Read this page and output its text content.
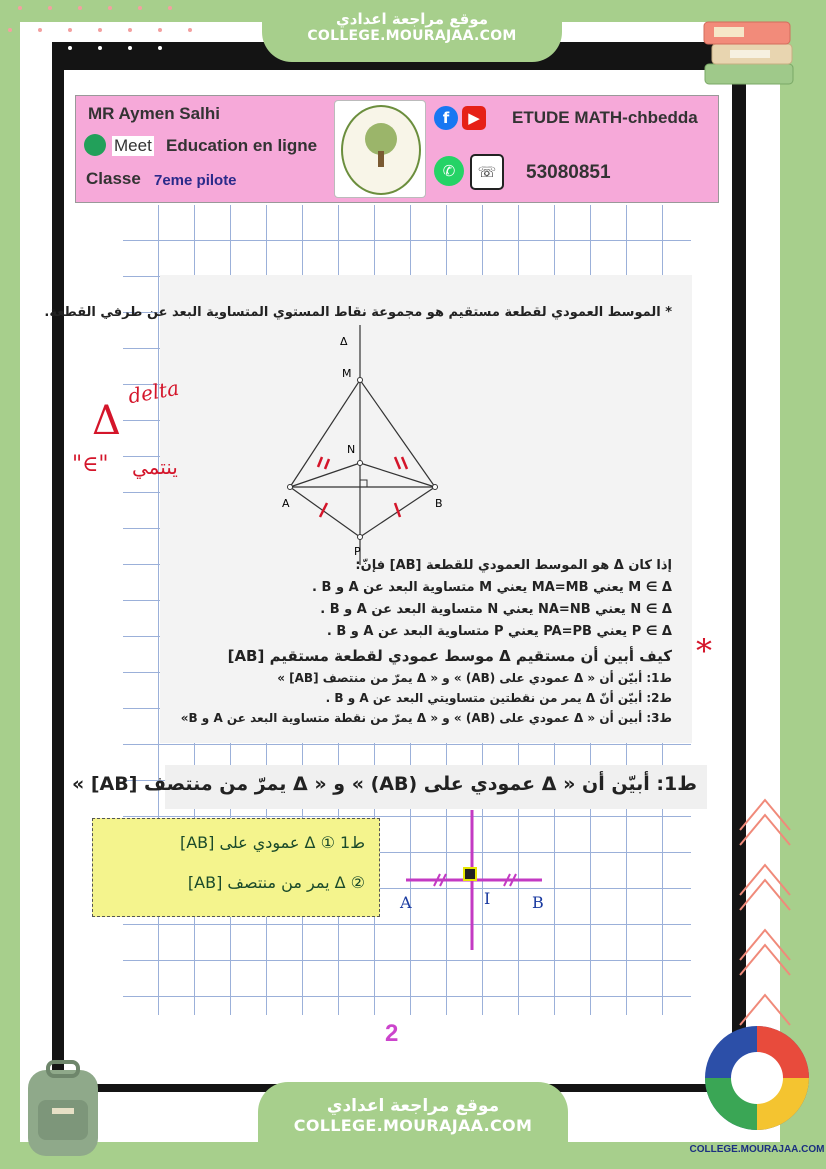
موقع مراجعة اعدادي
COLLEGE.MOURAJAA.COM
MR Aymen Salhi
Meet Education en ligne
Classe 7eme pilote
f	▶
✆	☏
ETUDE MATH-chbedda
53080851
* الموسط العمودي لقطعة مستقيم هو مجموعة نقاط المستوي المتساوية البعد عن طرفي القطعة.
Δ
M
N
A	B
P
إذا كان Δ هو الموسط العمودي للقطعة [AB] فإنّ:
M ∈ Δ يعني MA=MB يعني M متساوية البعد عن A و B .
N ∈ Δ يعني NA=NB يعني N متساوية البعد عن A و B .
P ∈ Δ يعني PA=PB يعني P متساوية البعد عن A و B .
كيف أبين أن مستقيم Δ موسط عمودي لقطعة مستقيم [AB]
ط1: أبيّن أن « Δ عمودي على (AB) » و « Δ يمرّ من منتصف [AB] »
ط2: أبيّن أنّ Δ يمر من نقطتين متساويتي البعد عن A و B .
ط3: أبين أن « Δ عمودي على (AB) » و « Δ يمرّ من نقطة متساوية البعد عن A و B»
Δ
delta
"∈" ينتمي
*
ط1: أبيّن أن « Δ عمودي على (AB) » و « Δ يمرّ من منتصف [AB] »
ط1 ① Δ عمودي على [AB]
② Δ يمر من منتصف [AB]
A	I	B
2
موقع مراجعة اعدادي
COLLEGE.MOURAJAA.COM
COLLEGE.MOURAJAA.COM
